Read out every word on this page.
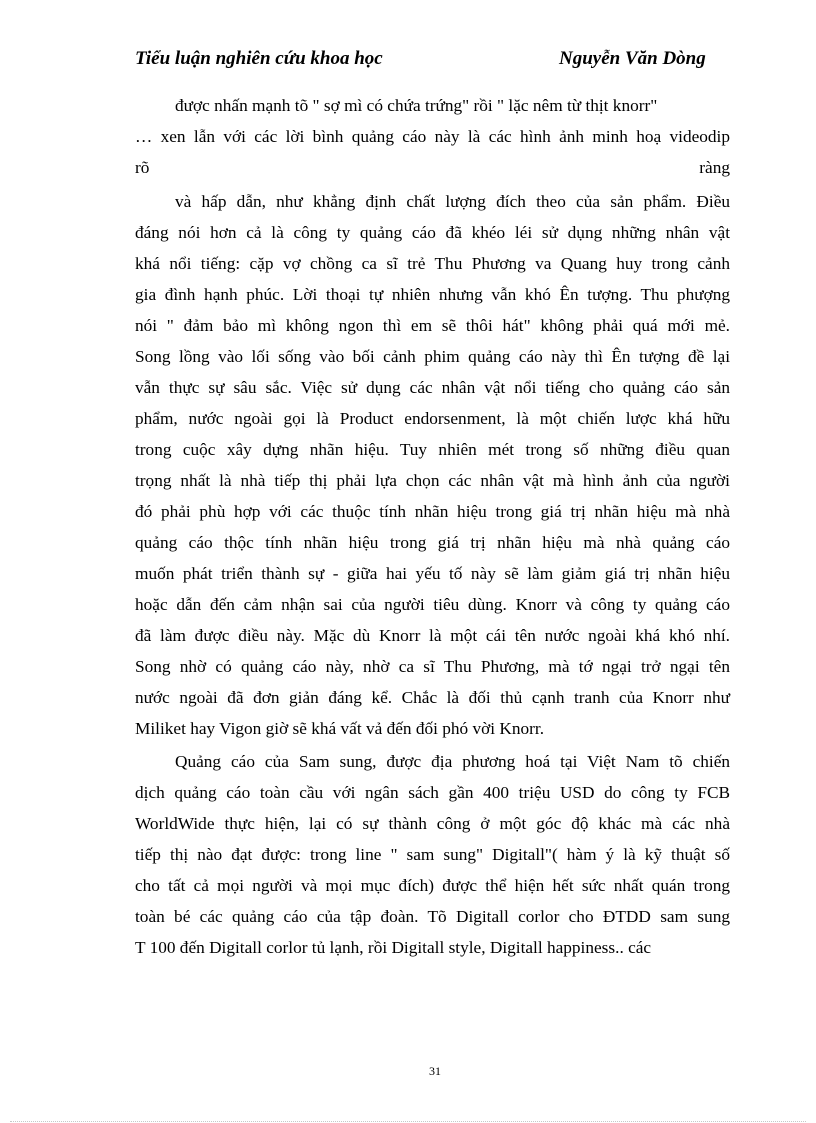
Tiểu luận nghiên cứu khoa học	Nguyễn Văn Dòng
được nhấn mạnh tõ " sợ mì có chứa trứng" rồi " lặc nêm từ thịt knorr"
… xen lẫn với các lời bình quảng cáo này là các hình ảnh minh hoạ videodip
rõ	ràng
và hấp dẫn, như khẳng định chất lượng đích theo của sản phẩm. Điều
đáng nói hơn cả là công ty quảng cáo đã khéo léi sử dụng những nhân vật
khá nổi tiếng: cặp vợ chồng ca sĩ trẻ Thu Phương va Quang huy trong cảnh
gia đình hạnh phúc. Lời thoại tự nhiên nhưng vẫn khó Ên tượng. Thu phượng
nói " đảm bảo mì không ngon thì em sẽ thôi hát" không phải quá mới mẻ.
Song lồng vào lối sống vào bối cảnh phim quảng cáo này thì Ên tượng đề lại
vẫn thực sự sâu sắc. Việc sử dụng các nhân vật nổi tiếng cho quảng cáo sản
phẩm, nước ngoài gọi là Product endorsenment, là một chiến lược khá hữu
trong cuộc xây dựng nhãn hiệu. Tuy nhiên mét trong số những điều quan
trọng nhất là nhà tiếp thị phải lựa chọn các nhân vật mà hình ảnh của người
đó phải phù hợp với các thuộc tính nhãn hiệu trong giá trị nhãn hiệu mà nhà
quảng cáo thộc tính nhãn hiệu trong giá trị nhãn hiệu mà nhà quảng cáo
muốn phát triển thành sự - giữa hai yếu tố này sẽ làm giảm giá trị nhãn hiệu
hoặc dẫn đến cảm nhận sai của người tiêu dùng. Knorr và công ty quảng cáo
đã làm được điều này. Mặc dù Knorr là một cái tên nước ngoài khá khó nhí.
Song nhờ có quảng cáo này, nhờ ca sĩ Thu Phương, mà tớ ngại trở ngại tên
nước ngoài đã đơn giản đáng kể. Chắc là đối thủ cạnh tranh của Knorr như
Miliket hay Vigon giờ sẽ khá vất vả đến đối phó vời Knorr.
Quảng cáo của Sam sung, được địa phương hoá tại Việt Nam tõ chiến
dịch quảng cáo toàn cầu với ngân sách gần 400 triệu USD do công ty FCB
WorldWide thực hiện, lại có sự thành công ở một góc độ khác mà các nhà
tiếp thị nào đạt được: trong line " sam sung" Digitall"( hàm ý là kỹ thuật số
cho tất cả mọi người và mọi mục đích) được thể hiện hết sức nhất quán trong
toàn bé các quảng cáo của tập đoàn. Tõ Digitall corlor cho ĐTDD sam sung
T 100 đến Digitall corlor tủ lạnh, rồi Digitall style, Digitall happiness.. các
31
